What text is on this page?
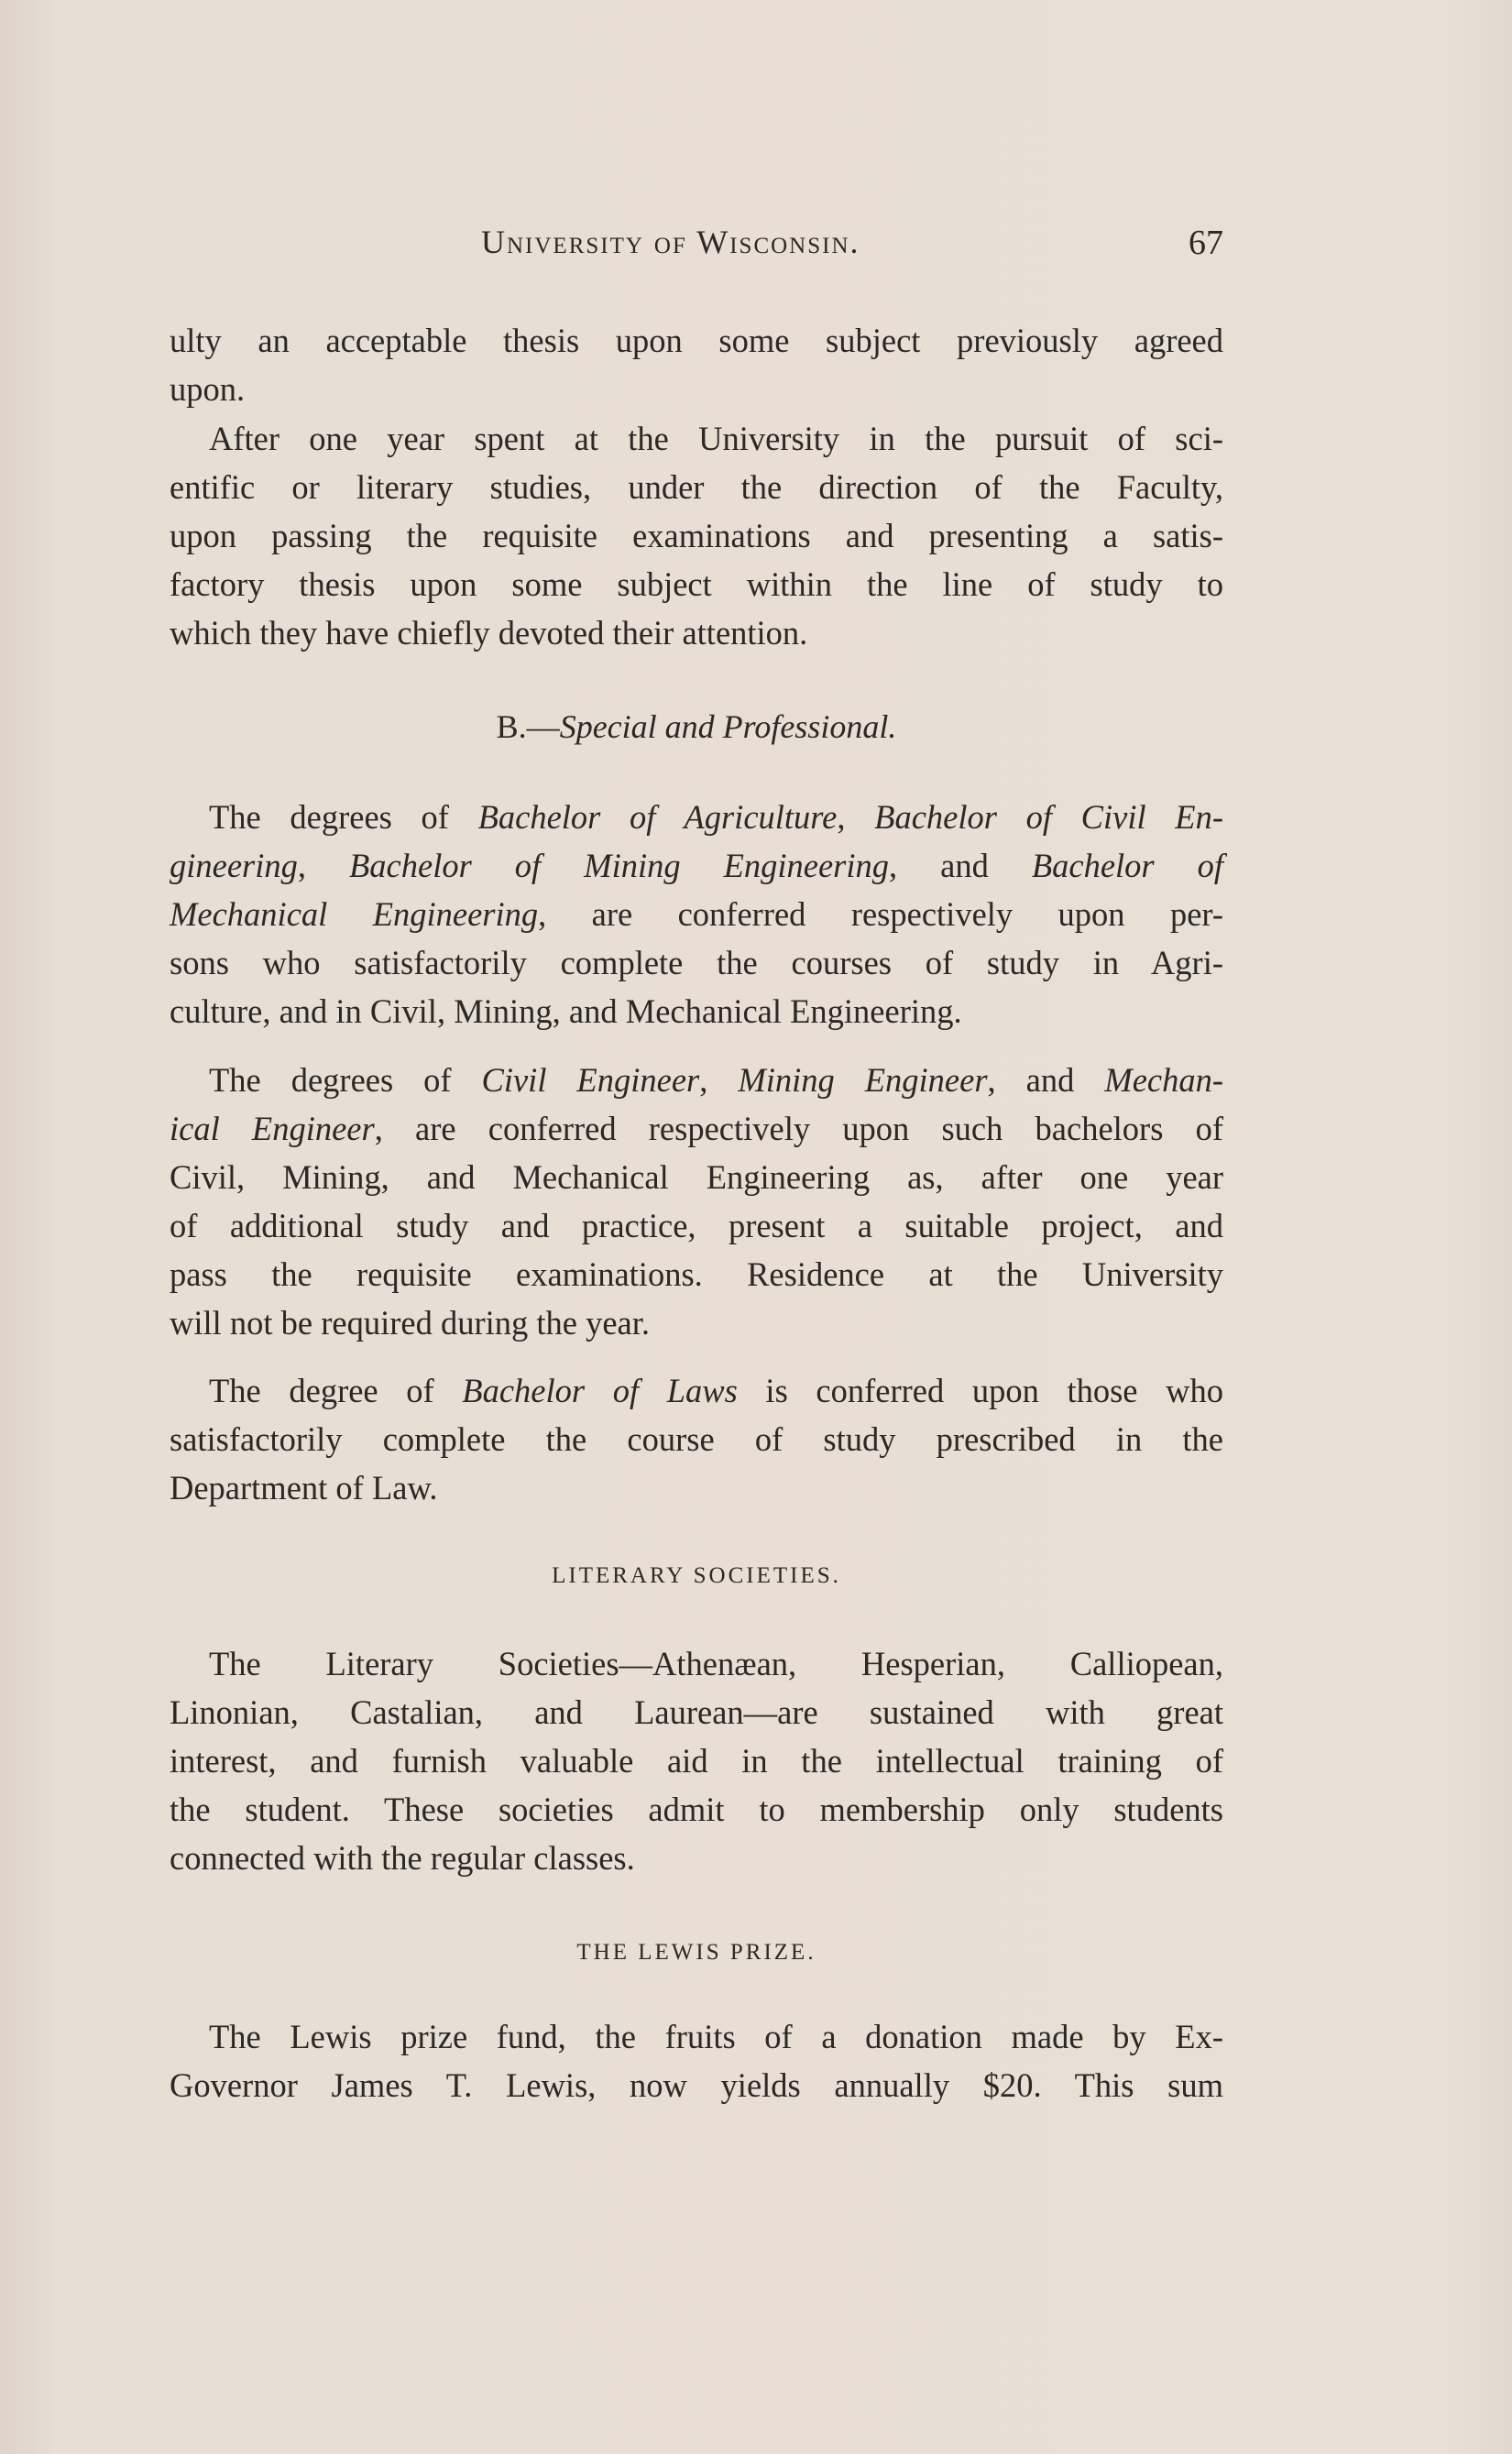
University of Wisconsin.	67
ulty an acceptable thesis upon some subject previously agreed
upon.
After one year spent at the University in the pursuit of sci-
entific or literary studies, under the direction of the Faculty,
upon passing the requisite examinations and presenting a satis-
factory thesis upon some subject within the line of study to
which they have chiefly devoted their attention.
B.—Special and Professional.
The degrees of Bachelor of Agriculture, Bachelor of Civil En-
gineering, Bachelor of Mining Engineering, and Bachelor of
Mechanical Engineering, are conferred respectively upon per-
sons who satisfactorily complete the courses of study in Agri-
culture, and in Civil, Mining, and Mechanical Engineering.
The degrees of Civil Engineer, Mining Engineer, and Mechan-
ical Engineer, are conferred respectively upon such bachelors of
Civil, Mining, and Mechanical Engineering as, after one year
of additional study and practice, present a suitable project, and
pass the requisite examinations. Residence at the University
will not be required during the year.
The degree of Bachelor of Laws is conferred upon those who
satisfactorily complete the course of study prescribed in the
Department of Law.
LITERARY SOCIETIES.
The Literary Societies—Athenæan, Hesperian, Calliopean,
Linonian, Castalian, and Laurean—are sustained with great
interest, and furnish valuable aid in the intellectual training of
the student. These societies admit to membership only students
connected with the regular classes.
THE LEWIS PRIZE.
The Lewis prize fund, the fruits of a donation made by Ex-
Governor James T. Lewis, now yields annually $20. This sum
